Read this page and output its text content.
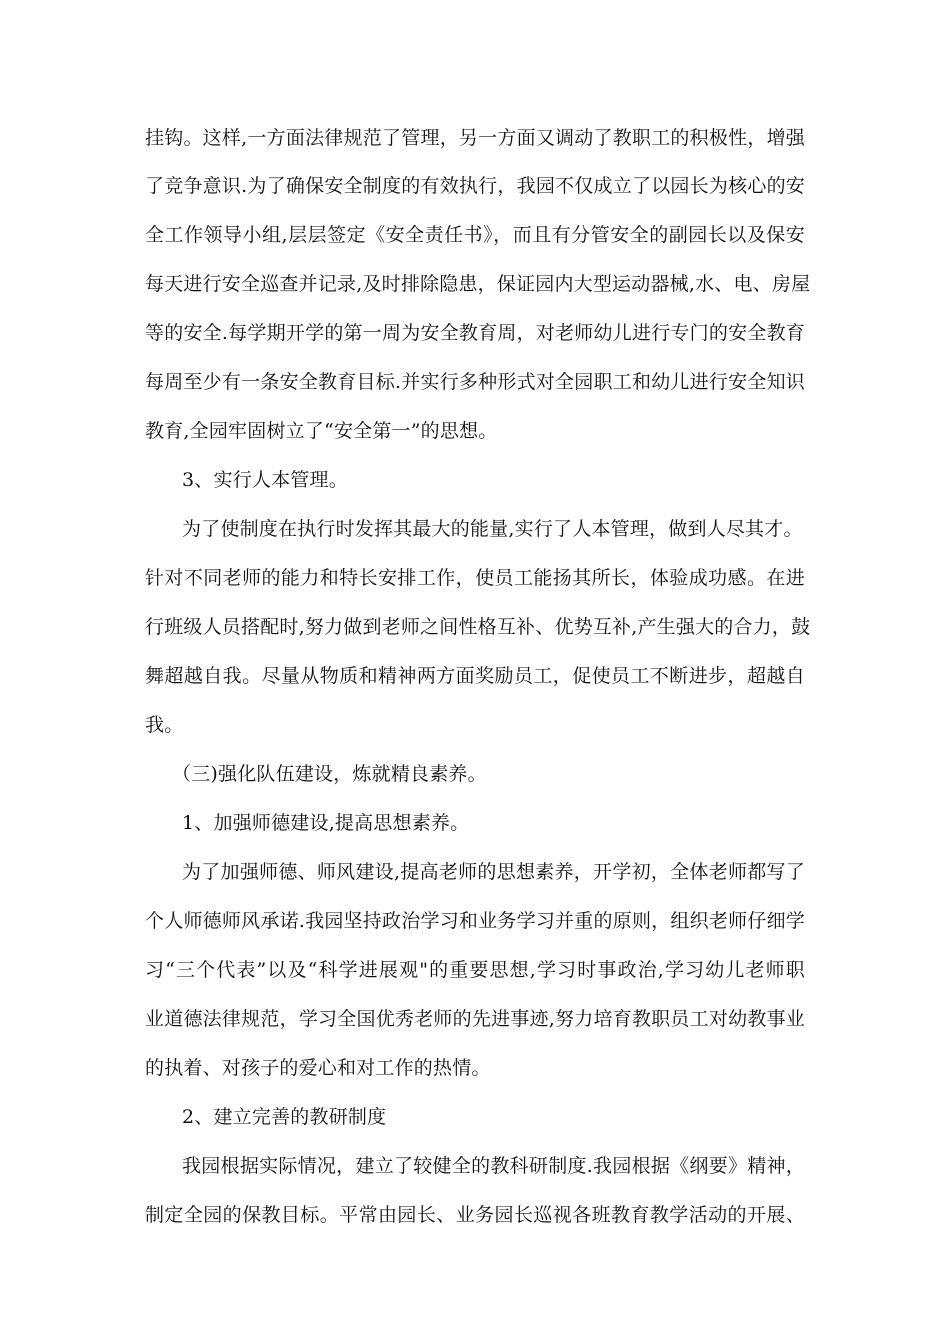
挂钩。这样,一方面法律规范了管理，另一方面又调动了教职工的积极性，增强
了竞争意识.为了确保安全制度的有效执行，我园不仅成立了以园长为核心的安
全工作领导小组,层层签定《安全责任书》，而且有分管安全的副园长以及保安
每天进行安全巡查并记录,及时排除隐患，保证园内大型运动器械,水、电、房屋
等的安全.每学期开学的第一周为安全教育周，对老师幼儿进行专门的安全教育
每周至少有一条安全教育目标.并实行多种形式对全园职工和幼儿进行安全知识
教育,全园牢固树立了“安全第一”的思想。
3、实行人本管理。
为了使制度在执行时发挥其最大的能量,实行了人本管理，做到人尽其才。
针对不同老师的能力和特长安排工作，使员工能扬其所长，体验成功感。在进
行班级人员搭配时,努力做到老师之间性格互补、优势互补,产生强大的合力，鼓
舞超越自我。尽量从物质和精神两方面奖励员工，促使员工不断进步，超越自
我。
（三)强化队伍建设，炼就精良素养。
1、加强师德建设,提高思想素养。
为了加强师德、师风建设,提高老师的思想素养，开学初，全体老师都写了
个人师德师风承诺.我园坚持政治学习和业务学习并重的原则，组织老师仔细学
习“三个代表”以及“科学进展观"的重要思想,学习时事政治,学习幼儿老师职
业道德法律规范，学习全国优秀老师的先进事迹,努力培育教职员工对幼教事业
的执着、对孩子的爱心和对工作的热情。
2、建立完善的教研制度
我园根据实际情况，建立了较健全的教科研制度.我园根据《纲要》精神，
制定全园的保教目标。平常由园长、业务园长巡视各班教育教学活动的开展、
